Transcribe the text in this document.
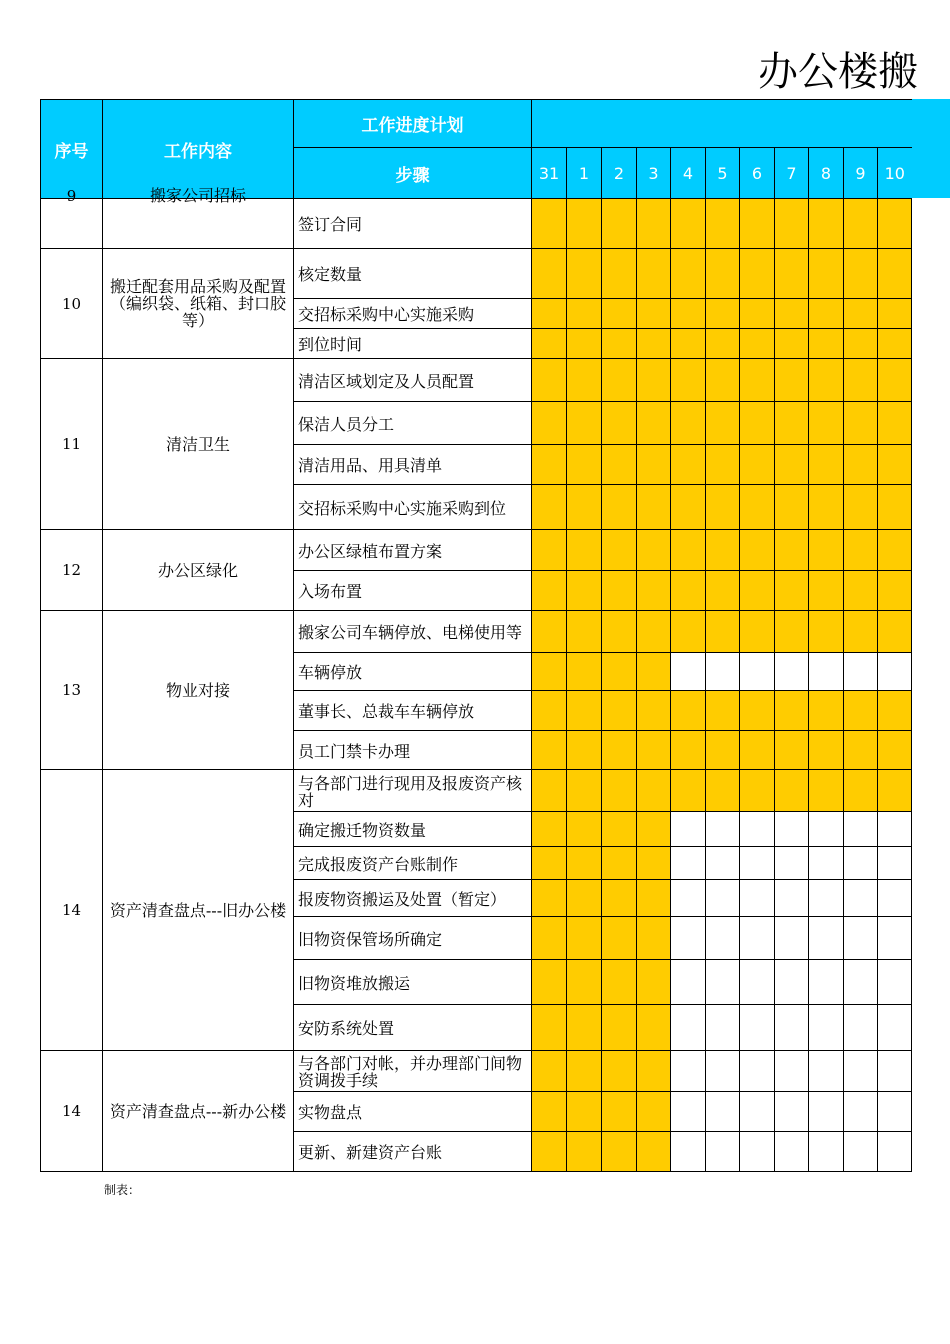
办公楼搬
序号	工作内容	工作进度计划											
		步骤	31	1	2	3	4	5	6	7	8	9	10

9	搬家公司招标	签订合同											
10	搬迁配套用品采购及配置（编织袋、纸箱、封口胶等）	核定数量											
		交招标采购中心实施采购											
		到位时间											
11	清洁卫生	清洁区域划定及人员配置											
		保洁人员分工											
		清洁用品、用具清单											
		交招标采购中心实施采购到位											
12	办公区绿化	办公区绿植布置方案											
		入场布置											
13	物业对接	搬家公司车辆停放、电梯使用等											
		车辆停放											
		董事长、总裁车车辆停放											
		员工门禁卡办理											
14	资产清查盘点---旧办公楼	与各部门进行现用及报废资产核对											
		确定搬迁物资数量											
		完成报废资产台账制作											
		报废物资搬运及处置（暂定）											
		旧物资保管场所确定											
		旧物资堆放搬运											
		安防系统处置											
14	资产清查盘点---新办公楼	与各部门对帐，并办理部门间物资调拨手续											
		实物盘点											
		更新、新建资产台账											
制表：
